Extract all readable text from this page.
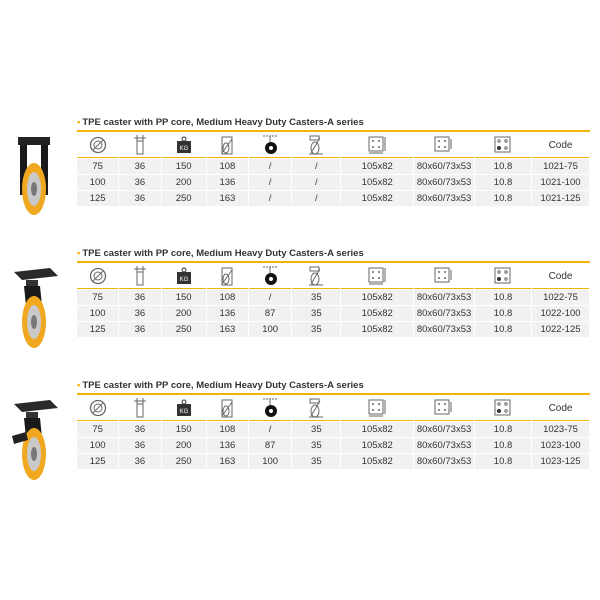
• TPE caster with PP core, Medium Heavy Duty Casters-A series
KG	Code
75	36	150	108	/	/	105x82	80x60/73x53	10.8	1021-75
100	36	200	136	/	/	105x82	80x60/73x53	10.8	1021-100
125	36	250	163	/	/	105x82	80x60/73x53	10.8	1021-125
• TPE caster with PP core, Medium Heavy Duty Casters-A series
KG	Code
75	36	150	108	/	35	105x82	80x60/73x53	10.8	1022-75
100	36	200	136	87	35	105x82	80x60/73x53	10.8	1022-100
125	36	250	163	100	35	105x82	80x60/73x53	10.8	1022-125
• TPE caster with PP core, Medium Heavy Duty Casters-A series
KG	Code
75	36	150	108	/	35	105x82	80x60/73x53	10.8	1023-75
100	36	200	136	87	35	105x82	80x60/73x53	10.8	1023-100
125	36	250	163	100	35	105x82	80x60/73x53	10.8	1023-125
